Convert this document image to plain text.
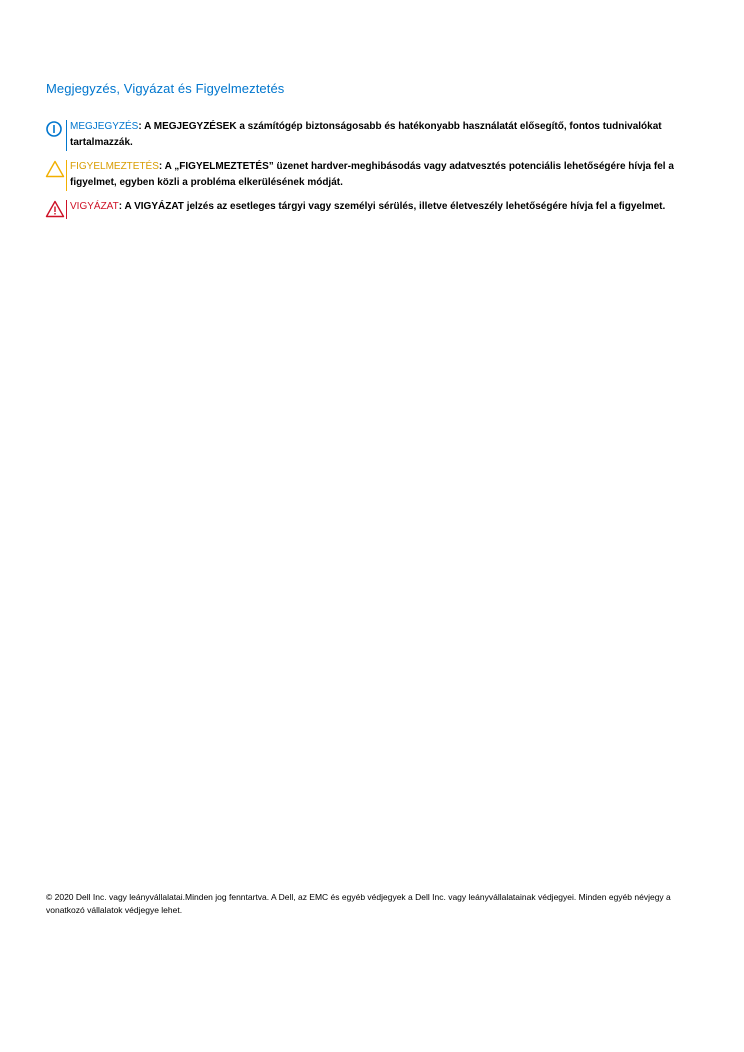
Megjegyzés, Vigyázat és Figyelmeztetés
MEGJEGYZÉS: A MEGJEGYZÉSEK a számítógép biztonságosabb és hatékonyabb használatát elősegítő, fontos tudnivalókat tartalmazzák.
FIGYELMEZTETÉS: A „FIGYELMEZTETÉS” üzenet hardver-meghibásodás vagy adatvesztés potenciális lehetőségére hívja fel a figyelmet, egyben közli a probléma elkerülésének módját.
VIGYÁZAT: A VIGYÁZAT jelzés az esetleges tárgyi vagy személyi sérülés, illetve életveszély lehetőségére hívja fel a figyelmet.
© 2020 Dell Inc. vagy leányvállalatai.Minden jog fenntartva. A Dell, az EMC és egyéb védjegyek a Dell Inc. vagy leányvállalatainak védjegyei. Minden egyéb névjegy a vonatkozó vállalatok védjegye lehet.
